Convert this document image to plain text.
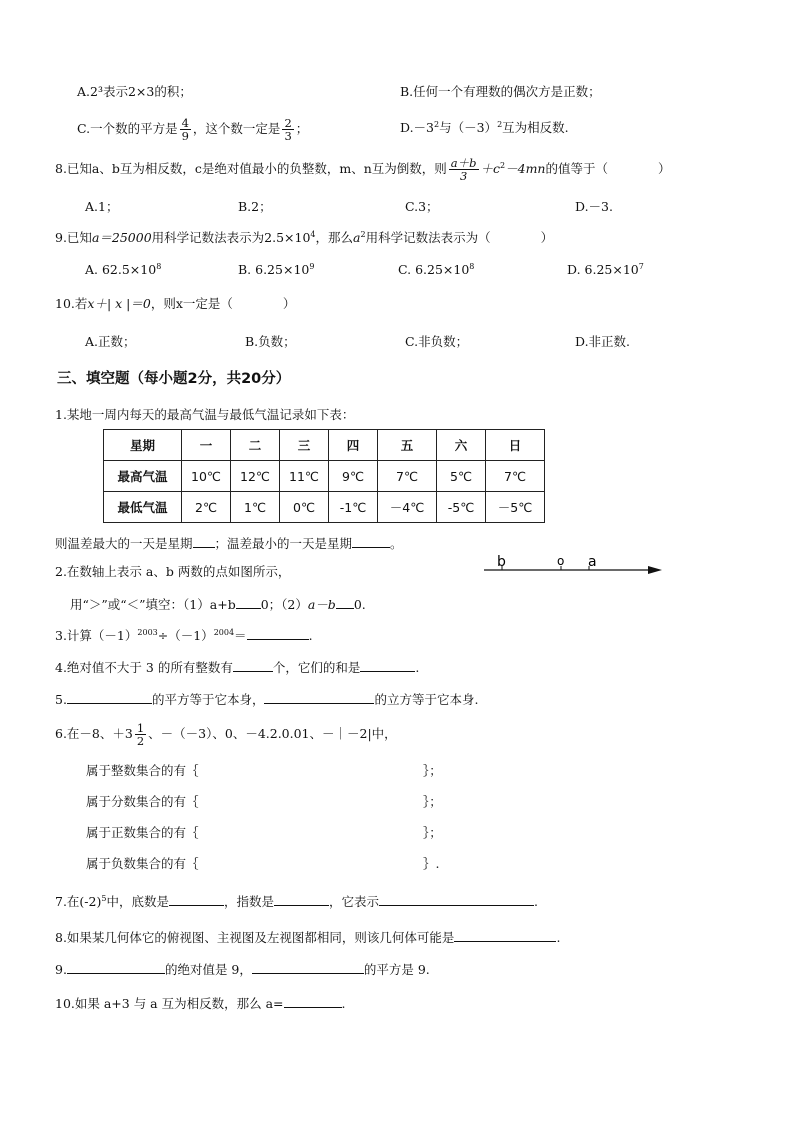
A.2³表示2×3的积；	B.任何一个有理数的偶次方是正数；
C.一个数的平方是 $\frac{4}{9}$ ，这个数一定是 $\frac{2}{3}$ ；	$D.-3^2$与$(-3)^2$互为相反数.
8.已知a、b互为相反数，c是绝对值最小的负整数，m、n互为倒数，则 $\frac{a+b}{3} +c^2-4mn$的值等于（　　　　）
A.1；	B.2；	C.3；	D.－3.
9.已知a＝25000用科学记数法表示为$2.5\times 10^4$，那么$a^2$用科学记数法表示为（　　　　）
A. $62.5\times 10^8$	B. $6.25\times 10^9$	C. $6.25\times 10^8$	D. $6.25\times 10^7$
10.若x＋| x |＝0，则x一定是（　　　　）
A.正数；	B.负数；	C.非负数；	D.非正数.
三、填空题（每小题2分，共20分）
1.某地一周内每天的最高气温与最低气温记录如下表：
星期	一	二	三	四	五	六	日
最高气温	10℃	12℃	11℃	9℃	7℃	5℃	7℃
最低气温	2℃	1℃	0℃	-1℃	－4℃	-5℃	－5℃
则温差最大的一天是星期 ；温差最小的一天是星期	。
b	o a
2.在数轴上表示 a、b 两数的点如图所示，
用“＞”或“＜”填空：（1）a+b 0；（2）a－b 0.
3.计算$(-1)^{2003}\div(-1)^{2004}=$	.
4.绝对值不大于 3 的所有整数有	个，它们的和是	.
5.	的平方等于它本身，	的立方等于它本身.
6.在－8、$+3 \frac{1}{2}$ 、－（－3）、0、－4.2.0.01、－｜－2|中，
属于整数集合的有｛	｝；
属于分数集合的有｛	｝；
属于正数集合的有｛	｝；
属于负数集合的有｛	｝.
7.在$(-2)^5$中，底数是	，指数是	，它表示	.
8.如果某几何体它的俯视图、主视图及左视图都相同，则该几何体可能是	.
9.	的绝对值是 9，	的平方是 9.
10.如果 a+3 与 a 互为相反数，那么 a=	.
